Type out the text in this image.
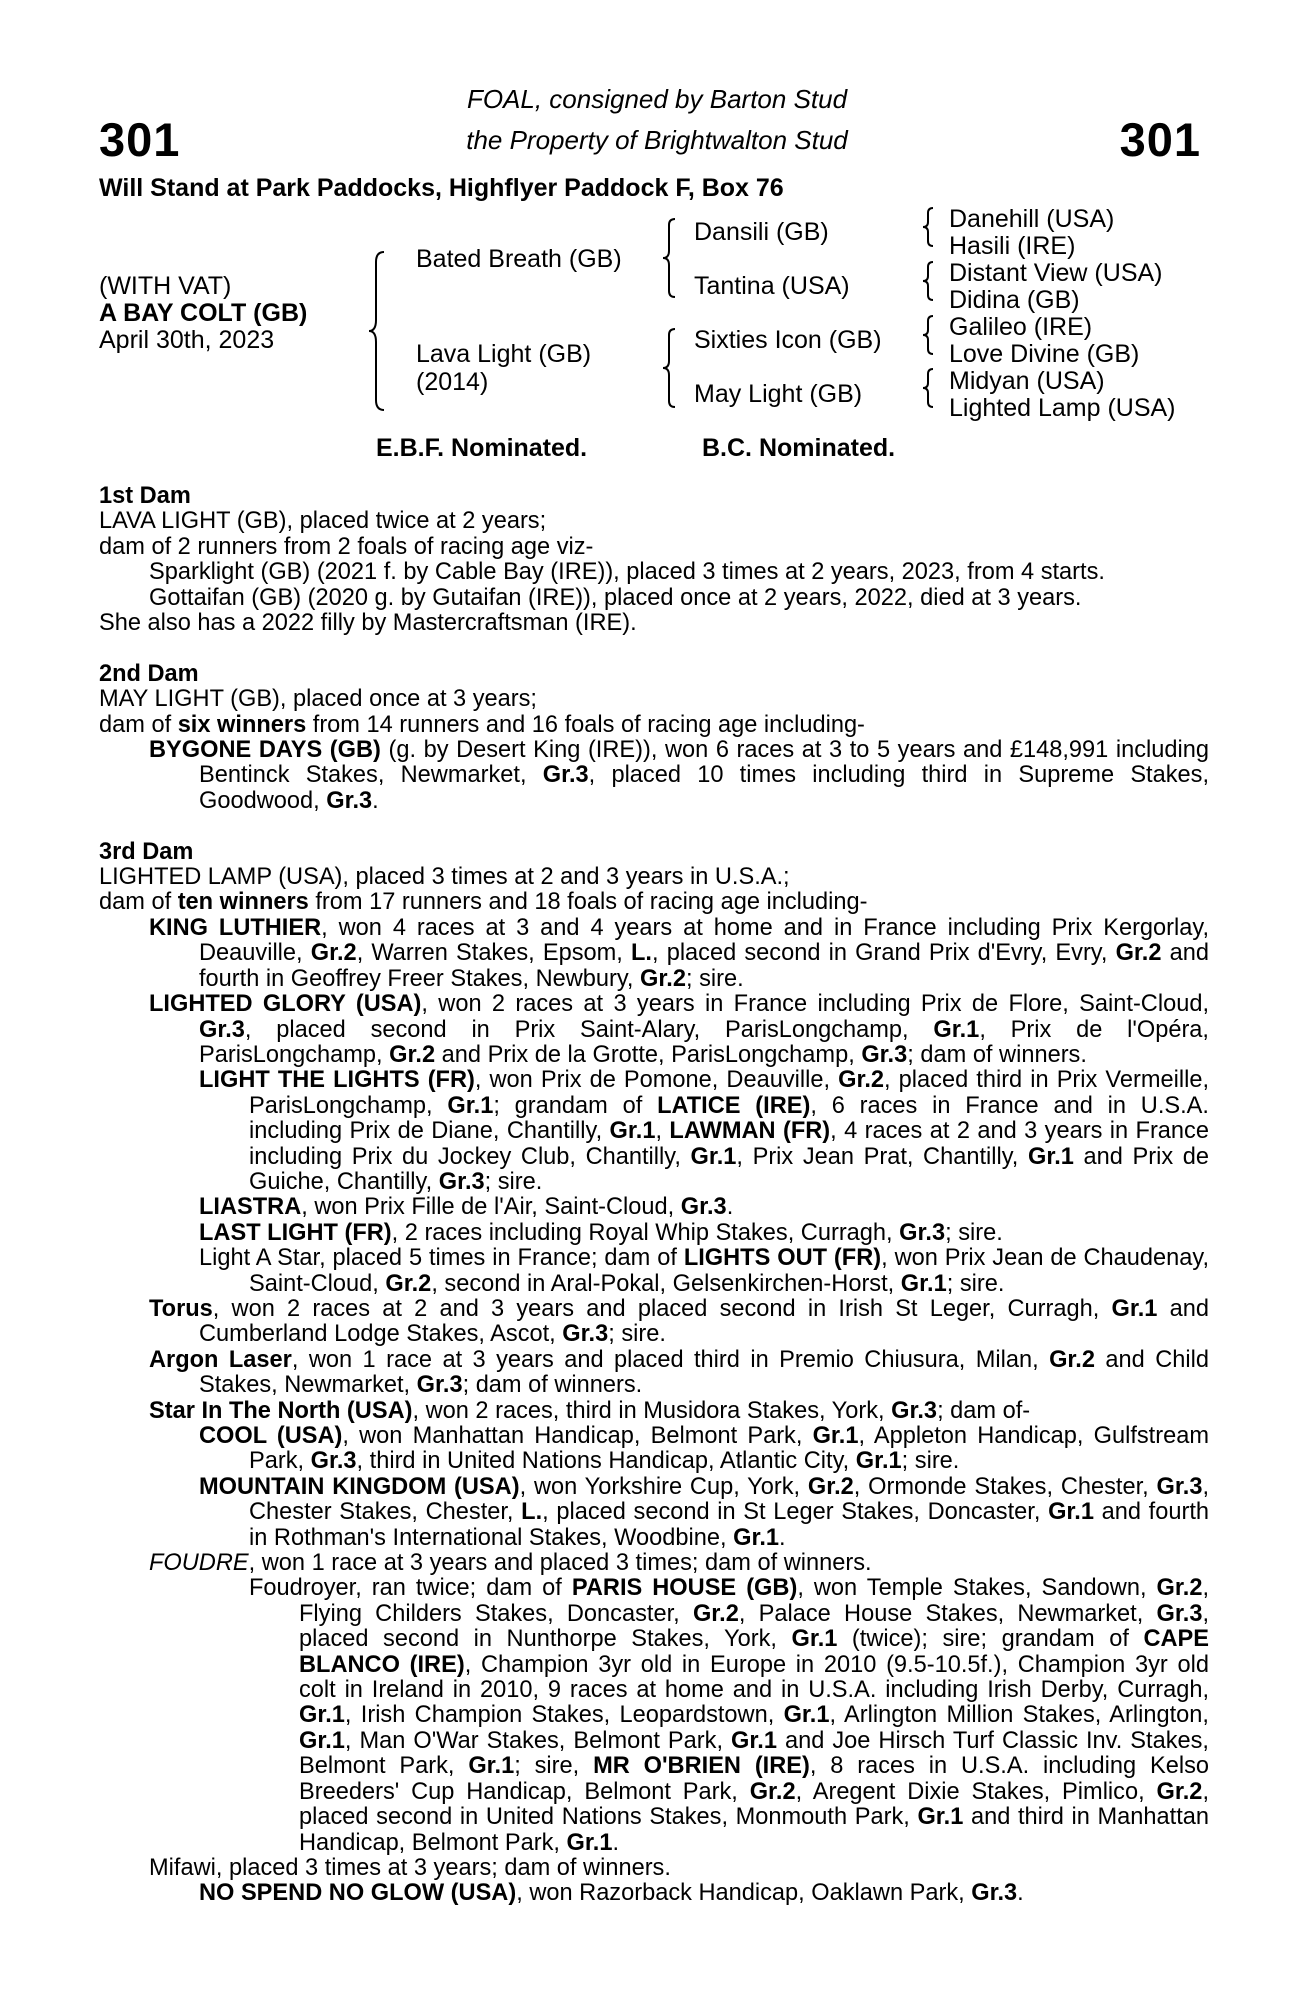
301	301
FOAL, consigned by Barton Stud
the Property of Brightwalton Stud
Will Stand at Park Paddocks, Highflyer Paddock F, Box 76
(WITH VAT)
A BAY COLT (GB)
April 30th, 2023
Bated Breath (GB)
Lava Light (GB)
(2014)
Dansili (GB)
Tantina (USA)
Sixties Icon (GB)
May Light (GB)
Danehill (USA)
Hasili (IRE)
Distant View (USA)
Didina (GB)
Galileo (IRE)
Love Divine (GB)
Midyan (USA)
Lighted Lamp (USA)
E.B.F. Nominated.	B.C. Nominated.

1st Dam

LAVA LIGHT (GB), placed twice at 2 years;

dam of 2 runners from 2 foals of racing age viz-

Sparklight (GB) (2021 f. by Cable Bay (IRE)), placed 3 times at 2 years, 2023, from 4 starts.

Gottaifan (GB) (2020 g. by Gutaifan (IRE)), placed once at 2 years, 2022, died at 3 years.

She also has a 2022 filly by Mastercraftsman (IRE).

2nd Dam

MAY LIGHT (GB), placed once at 3 years;

dam of six winners from 14 runners and 16 foals of racing age including-

BYGONE DAYS (GB) (g. by Desert King (IRE)), won 6 races at 3 to 5 years and £148,991 including Bentinck Stakes, Newmarket, Gr.3, placed 10 times including third in Supreme Stakes, Goodwood, Gr.3.

3rd Dam

LIGHTED LAMP (USA), placed 3 times at 2 and 3 years in U.S.A.;

dam of ten winners from 17 runners and 18 foals of racing age including-

KING LUTHIER, won 4 races at 3 and 4 years at home and in France including Prix Kergorlay, Deauville, Gr.2, Warren Stakes, Epsom, L., placed second in Grand Prix d'Evry, Evry, Gr.2 and fourth in Geoffrey Freer Stakes, Newbury, Gr.2; sire.

LIGHTED GLORY (USA), won 2 races at 3 years in France including Prix de Flore, Saint-Cloud, Gr.3, placed second in Prix Saint-Alary, ParisLongchamp, Gr.1, Prix de l'Opéra, ParisLongchamp, Gr.2 and Prix de la Grotte, ParisLongchamp, Gr.3; dam of winners.

LIGHT THE LIGHTS (FR), won Prix de Pomone, Deauville, Gr.2, placed third in Prix Vermeille, ParisLongchamp, Gr.1; grandam of LATICE (IRE), 6 races in France and in U.S.A. including Prix de Diane, Chantilly, Gr.1, LAWMAN (FR), 4 races at 2 and 3 years in France including Prix du Jockey Club, Chantilly, Gr.1, Prix Jean Prat, Chantilly, Gr.1 and Prix de Guiche, Chantilly, Gr.3; sire.

LIASTRA, won Prix Fille de l'Air, Saint-Cloud, Gr.3.

LAST LIGHT (FR), 2 races including Royal Whip Stakes, Curragh, Gr.3; sire.

Light A Star, placed 5 times in France; dam of LIGHTS OUT (FR), won Prix Jean de Chaudenay, Saint-Cloud, Gr.2, second in Aral-Pokal, Gelsenkirchen-Horst, Gr.1; sire.

Torus, won 2 races at 2 and 3 years and placed second in Irish St Leger, Curragh, Gr.1 and Cumberland Lodge Stakes, Ascot, Gr.3; sire.

Argon Laser, won 1 race at 3 years and placed third in Premio Chiusura, Milan, Gr.2 and Child Stakes, Newmarket, Gr.3; dam of winners.

Star In The North (USA), won 2 races, third in Musidora Stakes, York, Gr.3; dam of-

COOL (USA), won Manhattan Handicap, Belmont Park, Gr.1, Appleton Handicap, Gulfstream Park, Gr.3, third in United Nations Handicap, Atlantic City, Gr.1; sire.

MOUNTAIN KINGDOM (USA), won Yorkshire Cup, York, Gr.2, Ormonde Stakes, Chester, Gr.3, Chester Stakes, Chester, L., placed second in St Leger Stakes, Doncaster, Gr.1 and fourth in Rothman's International Stakes, Woodbine, Gr.1.

FOUDRE, won 1 race at 3 years and placed 3 times; dam of winners.

Foudroyer, ran twice; dam of PARIS HOUSE (GB), won Temple Stakes, Sandown, Gr.2, Flying Childers Stakes, Doncaster, Gr.2, Palace House Stakes, Newmarket, Gr.3, placed second in Nunthorpe Stakes, York, Gr.1 (twice); sire; grandam of CAPE BLANCO (IRE), Champion 3yr old in Europe in 2010 (9.5-10.5f.), Champion 3yr old colt in Ireland in 2010, 9 races at home and in U.S.A. including Irish Derby, Curragh, Gr.1, Irish Champion Stakes, Leopardstown, Gr.1, Arlington Million Stakes, Arlington, Gr.1, Man O'War Stakes, Belmont Park, Gr.1 and Joe Hirsch Turf Classic Inv. Stakes, Belmont Park, Gr.1; sire, MR O'BRIEN (IRE), 8 races in U.S.A. including Kelso Breeders' Cup Handicap, Belmont Park, Gr.2, Aregent Dixie Stakes, Pimlico, Gr.2, placed second in United Nations Stakes, Monmouth Park, Gr.1 and third in Manhattan Handicap, Belmont Park, Gr.1.

Mifawi, placed 3 times at 3 years; dam of winners.

NO SPEND NO GLOW (USA), won Razorback Handicap, Oaklawn Park, Gr.3.
